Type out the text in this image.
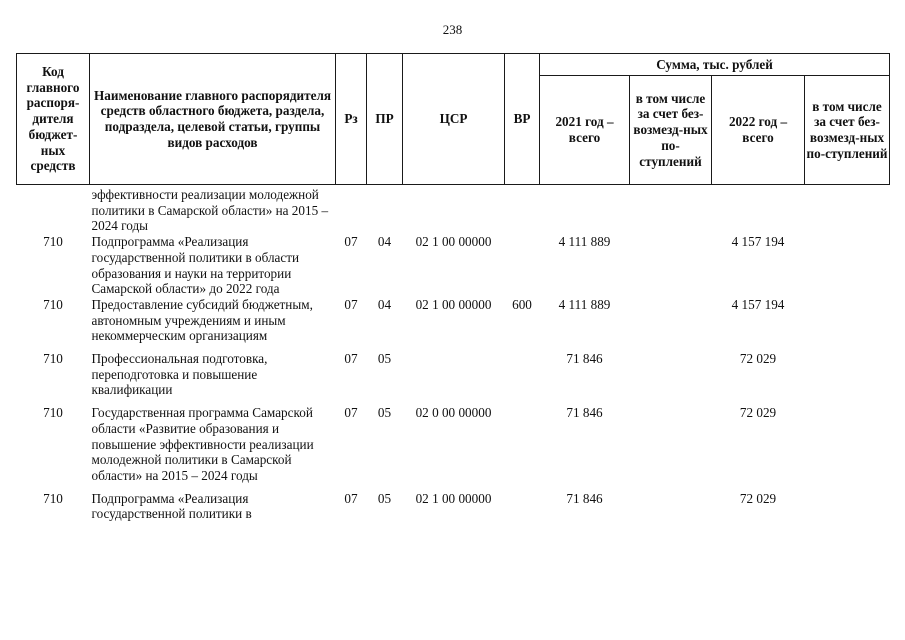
238
Код главного распоря-дителя бюджет-ных средств	Наименование главного распорядителя средств областного бюджета, раздела, подраздела, целевой статьи, группы видов расходов	Рз	ПР	ЦСР	ВР	Сумма, тыс. рублей			
						2021 год – всего	в том числе за счет без-возмезд-ных по-ступлений	2022 год – всего	в том числе за счет без-возмезд-ных по-ступлений
	эффективности реализации молодежной политики в Самарской области» на 2015 – 2024 годы								
710	Подпрограмма «Реализация государственной политики в области образования и науки на территории Самарской области» до 2022 года	07	04	02 1 00 00000		4 111 889		4 157 194	
710	Предоставление субсидий бюджетным, автономным учреждениям и иным некоммерческим организациям	07	04	02 1 00 00000	600	4 111 889		4 157 194	
710	Профессиональная подготовка, переподготовка и повышение квалификации	07	05			71 846		72 029	
710	Государственная программа Самарской области «Развитие образования и повышение эффективности реализации молодежной политики в Самарской области» на 2015 – 2024 годы	07	05	02 0 00 00000		71 846		72 029	
710	Подпрограмма «Реализация государственной политики в	07	05	02 1 00 00000		71 846		72 029	
